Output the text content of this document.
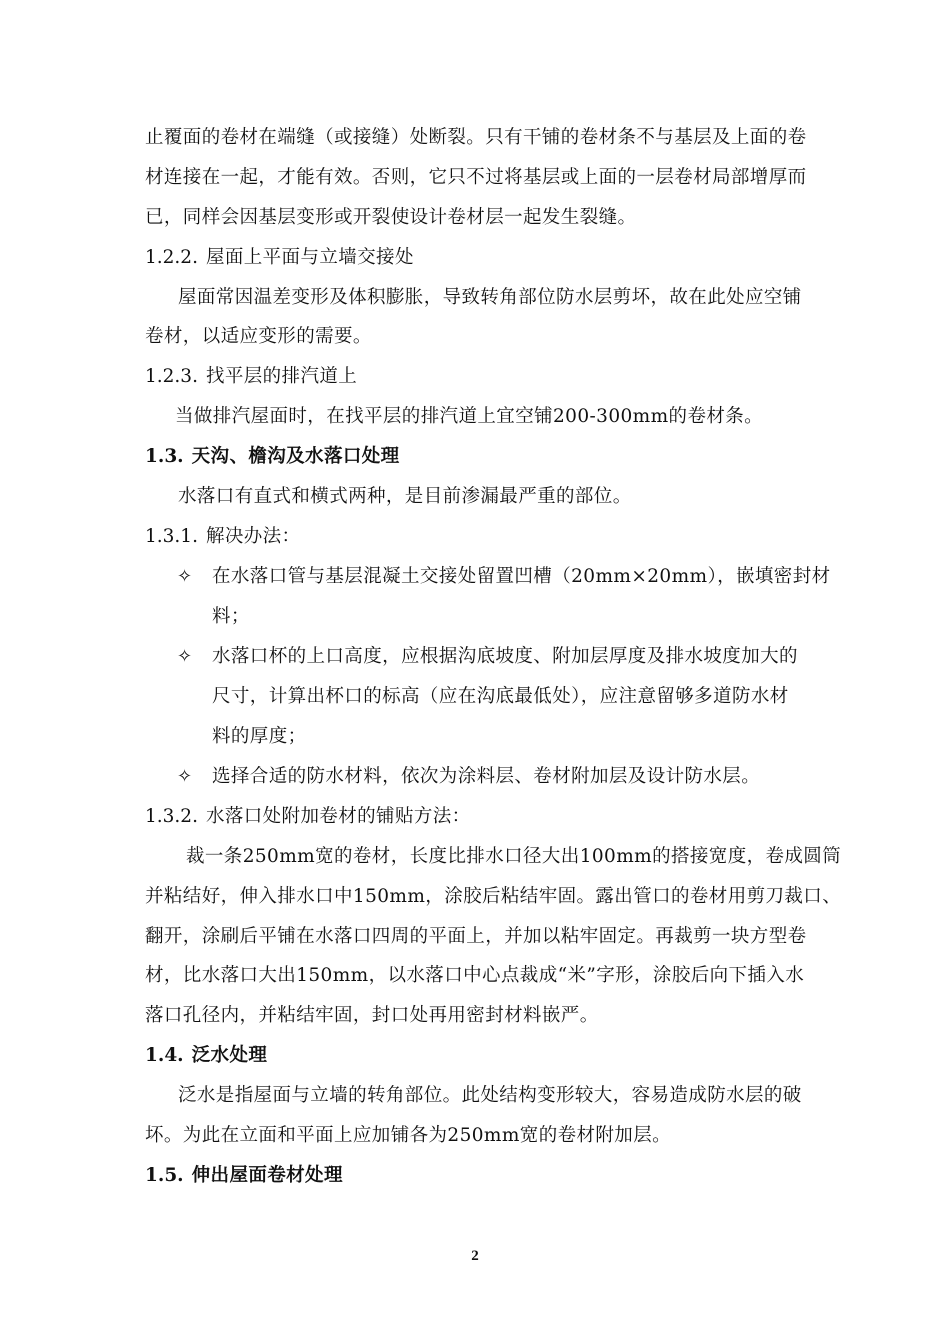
止覆面的卷材在端缝（或接缝）处断裂。只有干铺的卷材条不与基层及上面的卷
材连接在一起，才能有效。否则，它只不过将基层或上面的一层卷材局部增厚而
已，同样会因基层变形或开裂使设计卷材层一起发生裂缝。
1.2.2. 屋面上平面与立墙交接处
屋面常因温差变形及体积膨胀，导致转角部位防水层剪坏，故在此处应空铺
卷材，以适应变形的需要。
1.2.3. 找平层的排汽道上
当做排汽屋面时，在找平层的排汽道上宜空铺200-300mm的卷材条。
1.3. 天沟、檐沟及水落口处理
水落口有直式和横式两种，是目前渗漏最严重的部位。
1.3.1. 解决办法：
✧ 在水落口管与基层混凝土交接处留置凹槽（20mm×20mm），嵌填密封材
料；
✧ 水落口杯的上口高度，应根据沟底坡度、附加层厚度及排水坡度加大的
尺寸，计算出杯口的标高（应在沟底最低处），应注意留够多道防水材
料的厚度；
✧ 选择合适的防水材料，依次为涂料层、卷材附加层及设计防水层。
1.3.2. 水落口处附加卷材的铺贴方法：
裁一条250mm宽的卷材，长度比排水口径大出100mm的搭接宽度，卷成圆筒
并粘结好，伸入排水口中150mm，涂胶后粘结牢固。露出管口的卷材用剪刀裁口、
翻开，涂刷后平铺在水落口四周的平面上，并加以粘牢固定。再裁剪一块方型卷
材，比水落口大出150mm，以水落口中心点裁成“米”字形，涂胶后向下插入水
落口孔径内，并粘结牢固，封口处再用密封材料嵌严。
1.4. 泛水处理
泛水是指屋面与立墙的转角部位。此处结构变形较大，容易造成防水层的破
坏。为此在立面和平面上应加铺各为250mm宽的卷材附加层。
1.5. 伸出屋面卷材处理
2
